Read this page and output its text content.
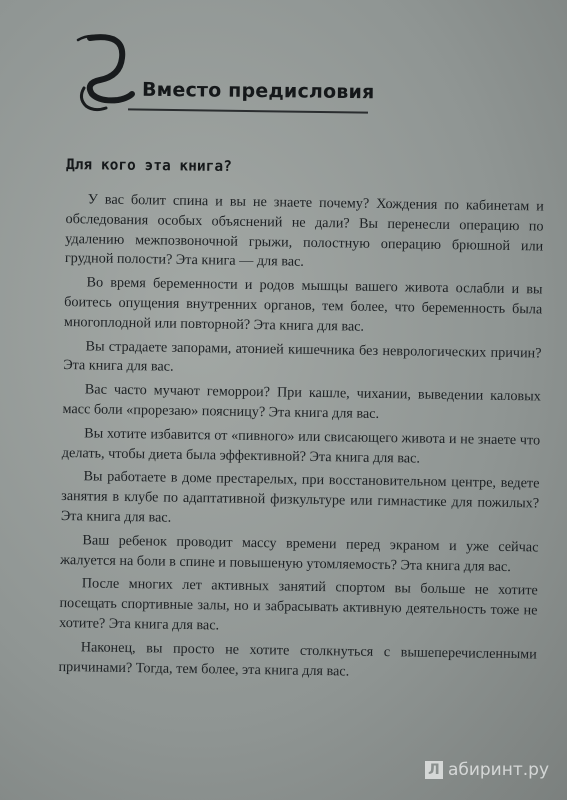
Вместо предисловия
Для кого эта книга?

У вас болит спина и вы не знаете почему? Хождения по кабинетам и обследования особых объяснений не дали? Вы перенесли операцию по удалению межпозвоночной грыжи, полостную операцию брюшной или грудной полости? Эта книга — для вас.

Во время беременности и родов мышцы вашего живота ослабли и вы боитесь опущения внутренних органов, тем более, что беременность была многоплодной или повторной? Эта книга для вас.

Вы страдаете запорами, атонией кишечника без неврологических причин? Эта книга для вас.

Вас часто мучают геморрои? При кашле, чихании, выведении каловых масс боли «прорезаю» поясницу? Эта книга для вас.

Вы хотите избавится от «пивного» или свисающего живота и не знаете что делать, чтобы диета была эффективной? Эта книга для вас.

Вы работаете в доме престарелых, при восстановительном центре, ведете занятия в клубе по адаптативной физкультуре или гимнастике для пожилых? Эта книга для вас.

Ваш ребенок проводит массу времени перед экраном и уже сейчас жалуется на боли в спине и повышеную утомляемость? Эта книга для вас.

После многих лет активных занятий спортом вы больше не хотите посещать спортивные залы, но и забрасывать активную деятельность тоже не хотите? Эта книга для вас.

Наконец, вы просто не хотите столкнуться с вышеперечисленными причинами? Тогда, тем более, эта книга для вас.

Л абиринт.ру
